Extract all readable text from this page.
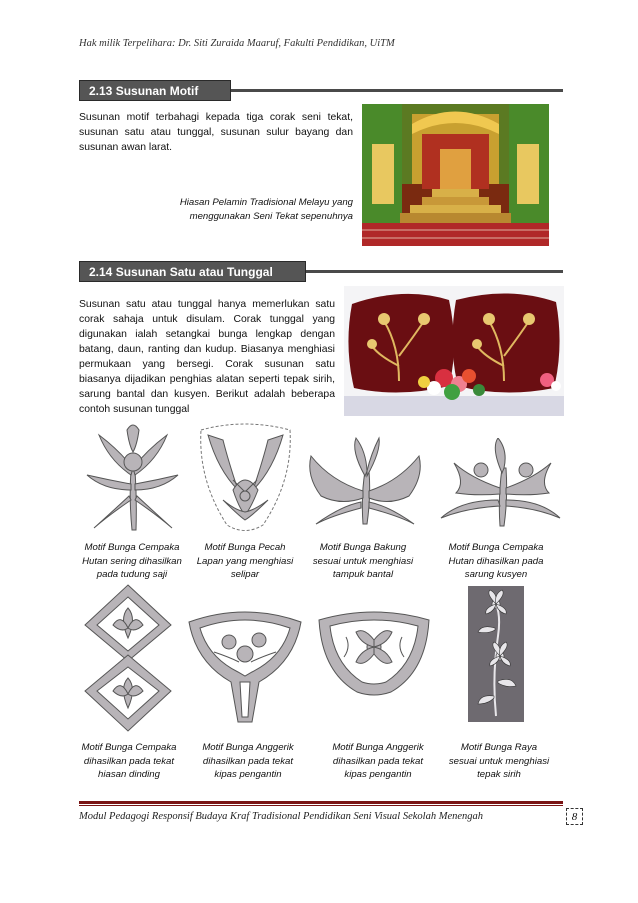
Hak milik Terpelihara: Dr. Siti Zuraida Maaruf, Fakulti Pendidikan, UiTM
2.13 Susunan Motif
Susunan motif terbahagi kepada tiga corak seni tekat, susunan satu atau tunggal, susunan sulur bayang dan susunan awan larat.
Hiasan Pelamin Tradisional Melayu yang
menggunakan Seni Tekat sepenuhnya
2.14 Susunan Satu atau Tunggal
Susunan satu atau tunggal hanya memerlukan satu corak sahaja untuk disulam. Corak tunggal yang digunakan ialah setangkai bunga lengkap dengan batang, daun, ranting dan kudup. Biasanya menghiasi permukaan yang bersegi. Corak susunan satu biasanya dijadikan penghias alatan seperti tepak sirih, sarung bantal dan kusyen. Berikut adalah beberapa contoh susunan tunggal
Motif Bunga Cempaka
Hutan sering dihasilkan
pada tudung saji
Motif Bunga Pecah
Lapan yang menghiasi
selipar
Motif Bunga Bakung
sesuai untuk menghiasi
tampuk bantal
Motif Bunga Cempaka
Hutan dihasilkan pada
sarung kusyen
Motif Bunga Cempaka
dihasilkan pada tekat
hiasan dinding
Motif Bunga Anggerik
dihasilkan pada tekat
kipas pengantin
Motif Bunga Anggerik
dihasilkan pada tekat
kipas pengantin
Motif Bunga Raya
sesuai untuk menghiasi
tepak sirih
Modul Pedagogi Responsif Budaya Kraf Tradisional Pendidikan Seni Visual Sekolah Menengah	8
